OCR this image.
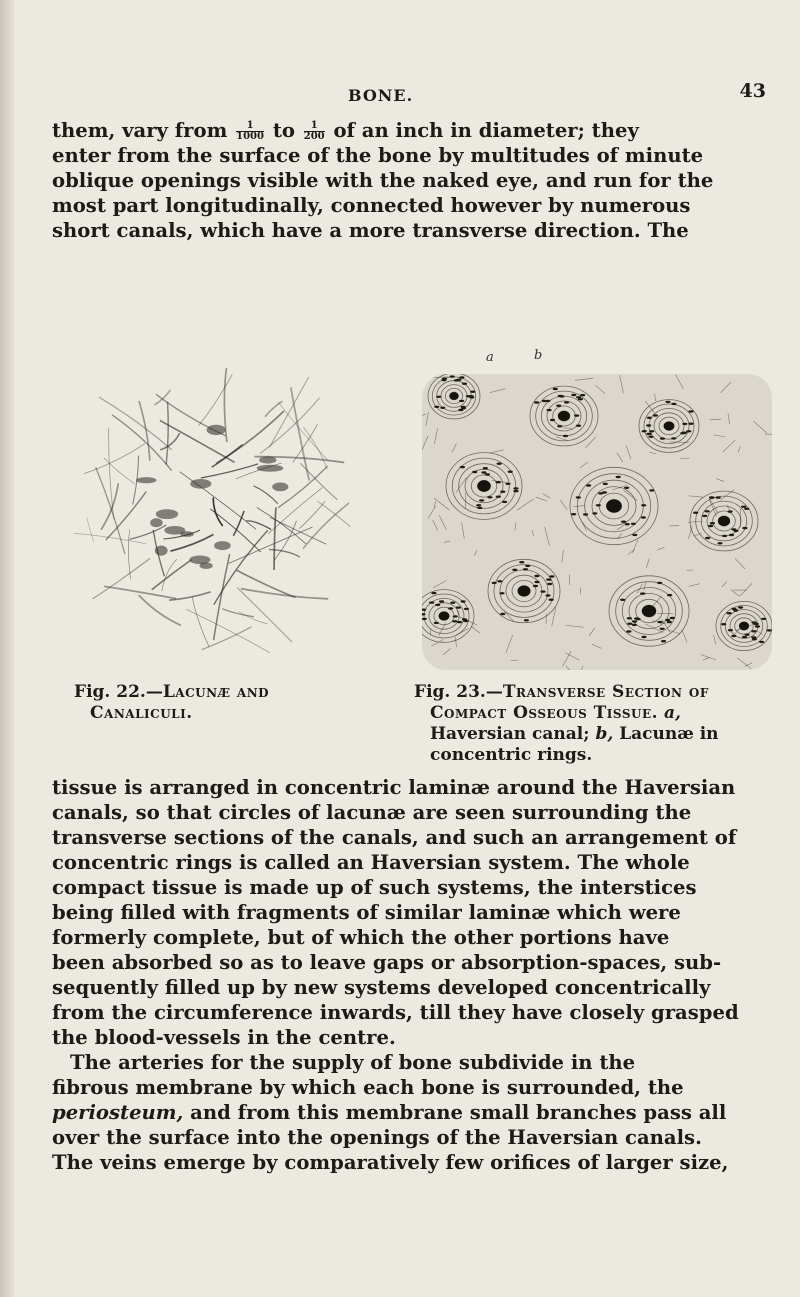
BONE.	43

them, vary from $\frac{1}{1000}$ to $\frac{1}{200}$ of an inch in diameter; they
enter from the surface of the bone by multitudes of minute
oblique openings visible with the naked eye, and run for the
most part longitudinally, connected however by numerous
short canals, which have a more transverse direction. The

a	b
Fig. 22.—Lacunæ and
Canaliculi.
Fig. 23.—Transverse Section of
Compact Osseous Tissue. a,
Haversian canal; b, Lacunæ in
concentric rings.

tissue is arranged in concentric laminæ around the Haversian
canals, so that circles of lacunæ are seen surrounding the
transverse sections of the canals, and such an arrangement of
concentric rings is called an Haversian system. The whole
compact tissue is made up of such systems, the interstices
being filled with fragments of similar laminæ which were
formerly complete, but of which the other portions have
been absorbed so as to leave gaps or absorption-spaces, sub-
sequently filled up by new systems developed concentrically
from the circumference inwards, till they have closely grasped
the blood-vessels in the centre.

The arteries for the supply of bone subdivide in the
fibrous membrane by which each bone is surrounded, the
periosteum, and from this membrane small branches pass all
over the surface into the openings of the Haversian canals.
The veins emerge by comparatively few orifices of larger size,
